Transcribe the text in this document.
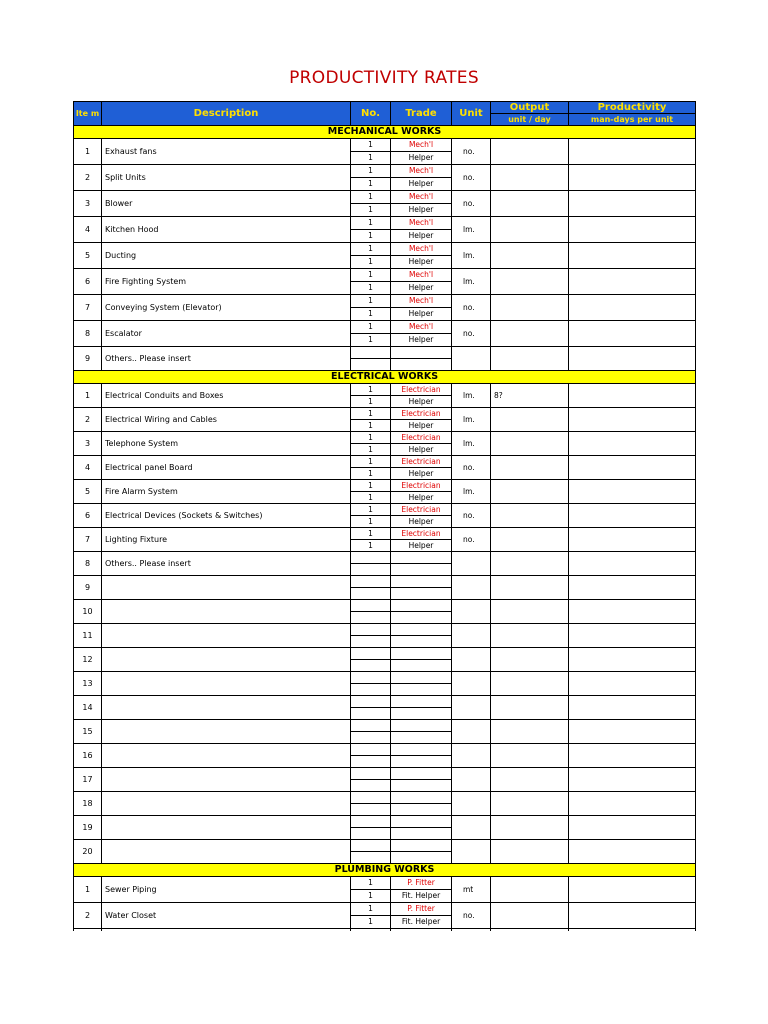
PRODUCTIVITY RATES
Ite m	Description	No.	Trade	Unit	Output	Productivity
					unit / day	man-days per unit
MECHANICAL WORKS						
1	Exhaust fans	1	Mech'l	no.		
		1	Helper			
2	Split Units	1	Mech'l	no.		
		1	Helper			
3	Blower	1	Mech'l	no.		
		1	Helper			
4	Kitchen Hood	1	Mech'l	lm.		
		1	Helper			
5	Ducting	1	Mech'l	lm.		
		1	Helper			
6	Fire Fighting System	1	Mech'l	lm.		
		1	Helper			
7	Conveying System (Elevator)	1	Mech'l	no.		
		1	Helper			
8	Escalator	1	Mech'l	no.		
		1	Helper			
9	Others.. Please insert					

ELECTRICAL WORKS						
1	Electrical Conduits and Boxes	1	Electrician	lm.	8?	
		1	Helper			
2	Electrical Wiring and Cables	1	Electrician	lm.		
		1	Helper			
3	Telephone System	1	Electrician	lm.		
		1	Helper			
4	Electrical panel Board	1	Electrician	no.		
		1	Helper			
5	Fire Alarm System	1	Electrician	lm.		
		1	Helper			
6	Electrical Devices (Sockets & Switches)	1	Electrician	no.		
		1	Helper			
7	Lighting Fixture	1	Electrician	no.		
		1	Helper			
8	Others.. Please insert					

9						

10						

11						

12						

13						

14						

15						

16						

17						

18						

19						

20						

PLUMBING WORKS						
1	Sewer Piping	1	P. Fitter	mt		
		1	Fit. Helper			
2	Water Closet	1	P. Fitter	no.		
		1	Fit. Helper			
